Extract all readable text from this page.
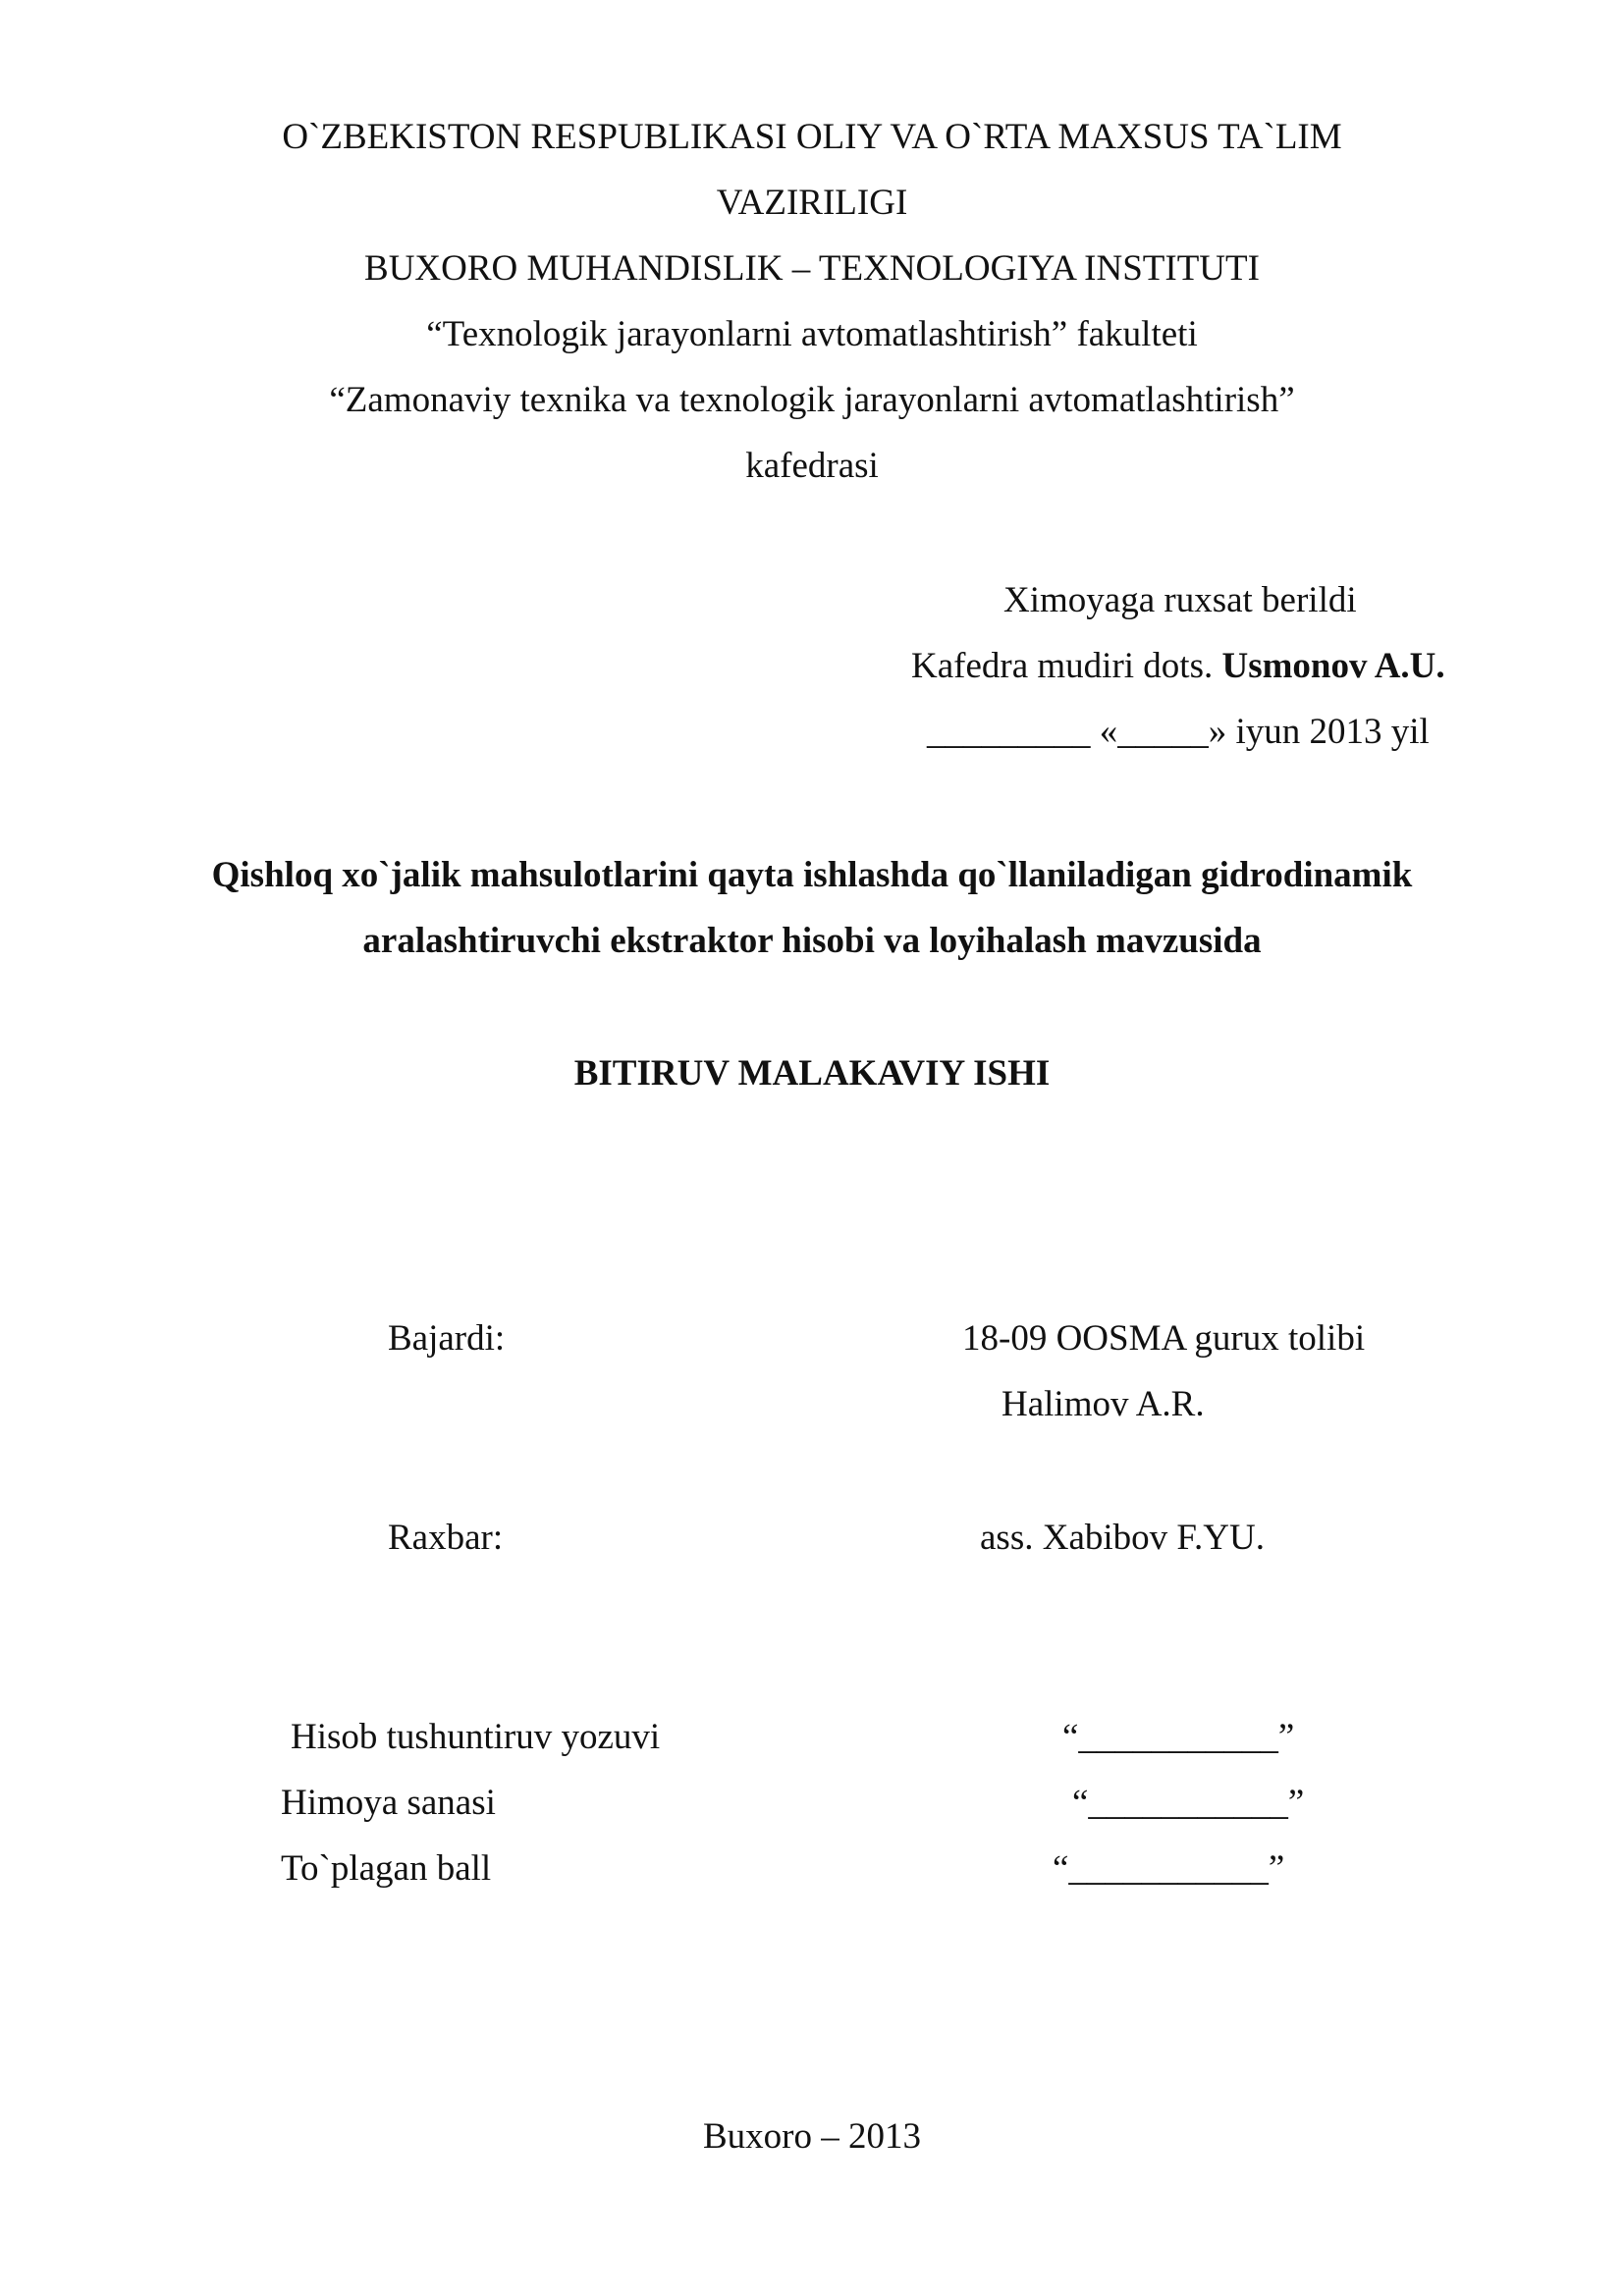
O`ZBEKISTON RESPUBLIKASI OLIY VA O`RTA MAXSUS TA`LIM
VAZIRILIGI
BUXORO MUHANDISLIK – TEXNOLOGIYA INSTITUTI
“Texnologik jarayonlarni avtomatlashtirish” fakulteti
“Zamonaviy texnika va texnologik jarayonlarni avtomatlashtirish”
kafedrasi
Ximoyaga ruxsat berildi
Kafedra mudiri dots. Usmonov A.U.
_________ «_____» iyun 2013 yil
Qishloq xo`jalik mahsulotlarini qayta ishlashda qo`llaniladigan gidrodinamik
aralashtiruvchi ekstraktor hisobi va loyihalash mavzusida
BITIRUV MALAKAVIY ISHI
Bajardi:	18-09 OOSMA gurux tolibi
Halimov A.R.
Raxbar:	ass. Xabibov F.YU.
Hisob tushuntiruv yozuvi	“___________”
Himoya sanasi	“___________”
To`plagan ball	“___________”
Buxoro – 2013
